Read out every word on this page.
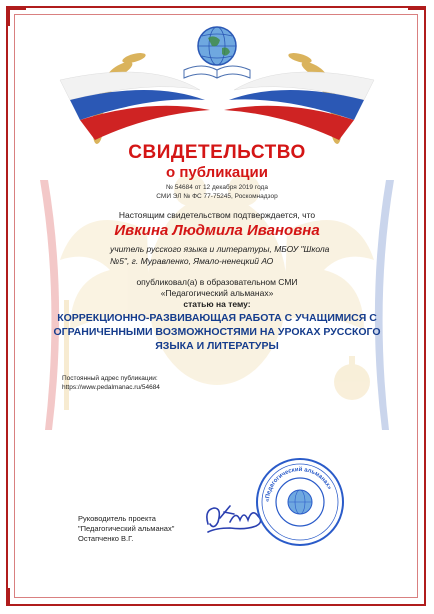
СВИДЕТЕЛЬСТВО
о публикации
№ 54684 от 12 декабря 2019 года
СМИ ЭЛ № ФС 77-75245, Роскомнадзор
Настоящим свидетельством подтверждается, что
Ивкина Людмила Ивановна
учитель русского языка и литературы, МБОУ "Школа №5", г. Муравленко, Ямало-ненецкий АО
опубликовал(а) в образовательном СМИ
«Педагогический альманах»
статью на тему:
КОРРЕКЦИОННО-РАЗВИВАЮЩАЯ РАБОТА С УЧАЩИМИСЯ С ОГРАНИЧЕННЫМИ ВОЗМОЖНОСТЯМИ НА УРОКАХ РУССКОГО ЯЗЫКА И ЛИТЕРАТУРЫ
Постоянный адрес публикации:
https://www.pedalmanac.ru/54684
Руководитель проекта
"Педагогический альманах"
Остапченко В.Г.
«Педагогический альманах»
